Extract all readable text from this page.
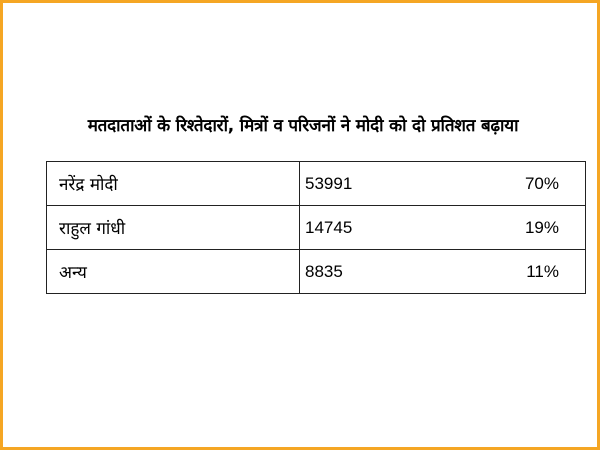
मतदाताओं के रिश्तेदारों, मित्रों व परिजनों ने मोदी को दो प्रतिशत बढ़ाया
नरेंद्र मोदी	53991 70%

राहुल गांधी	14745 19%

अन्य	8835 11%
